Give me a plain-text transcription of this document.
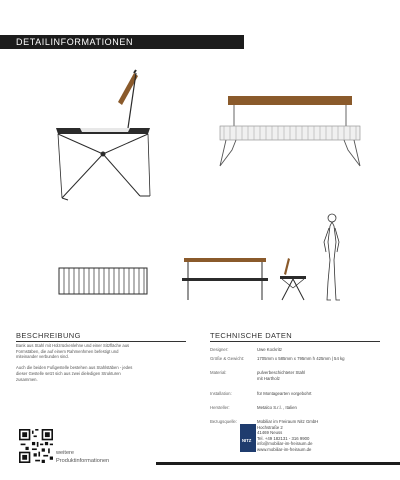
DETAILINFORMATIONEN
BESCHREIBUNG
Bank aus Stahl mit Holzrückenlehne und einer Sitzfläche aus
Formstäben, die auf einem Rahmenhmen befestigt und
miteinander verbunden sind.
Auch die beiden Fußgestelle bestehen aus Stahlstäben - jedes
dieser Gestelle setzt sich aus zwei dieledigen Strukturen
zusammen.
TECHNISCHE DATEN
Designer:	Uwe Kockritz
Größe & Gewicht:	1705mm x 585mm x 795mm h 425mm | 54 kg
Material:	pulverbeschichteter Stahl
mit Hartholz
Installation:	für Montagearten vorgebohrt
Hersteller:	Metalco S.r.l. , Italien
Bezugsquelle:	Mobiliar im Freiraum Nitz GmbH
Hochstraße 2
41469 Neuss
Tel. +49 182131 - 316 9900
info@mobiliar-im-freiraum.de
www.mobiliar-im-freiraum.de
NITZ
weitere
Produktinformationen
